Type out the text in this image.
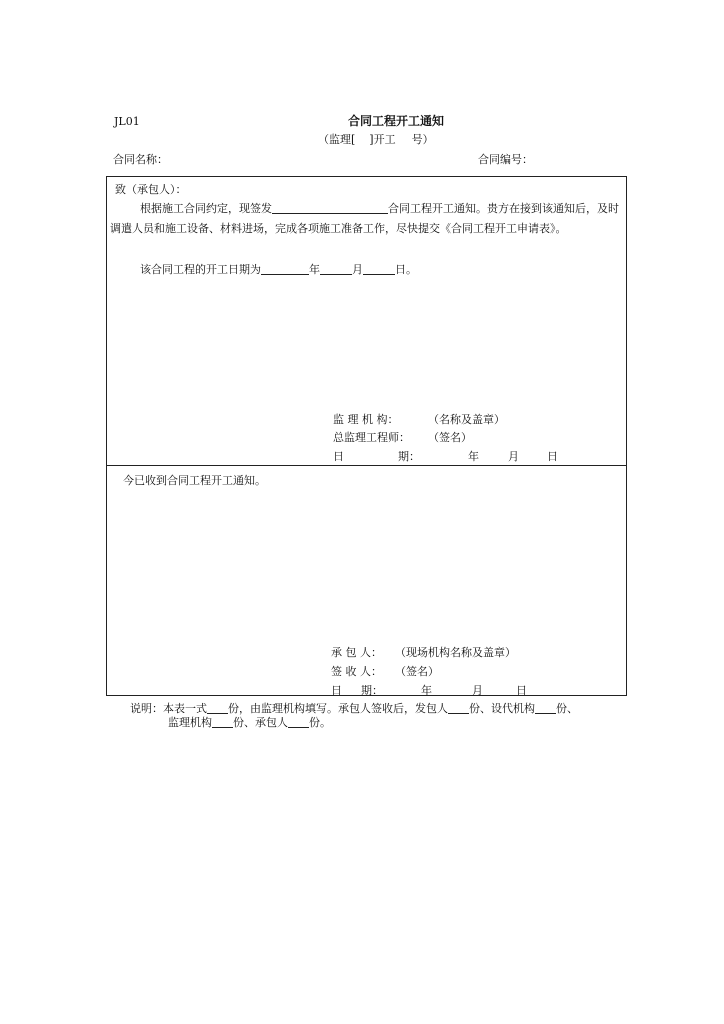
JL01	合同工程开工通知
（监理[ ]开工 号）
合同名称：	合同编号：
致（承包人）：
根据施工合同约定，现签发	合同工程开工通知。贵方在接到该通知后，及时调遣人员和施工设备、材料进场，完成各项施工准备工作，尽快提交《合同工程开工申请表》。
该合同工程的开工日期为	年	月	日。
监 理 机 构：	（名称及盖章）
总监理工程师： （签名）
日	期：	年	月	日
今已收到合同工程开工通知。
承 包 人： （现场机构名称及盖章）
签 收 人： （签名）
日 期：	年	月	日
说明：本表一式 份，由监理机构填写。承包人签收后，发包人 份、设代机构 份、
监理机构 份、承包人 份。
